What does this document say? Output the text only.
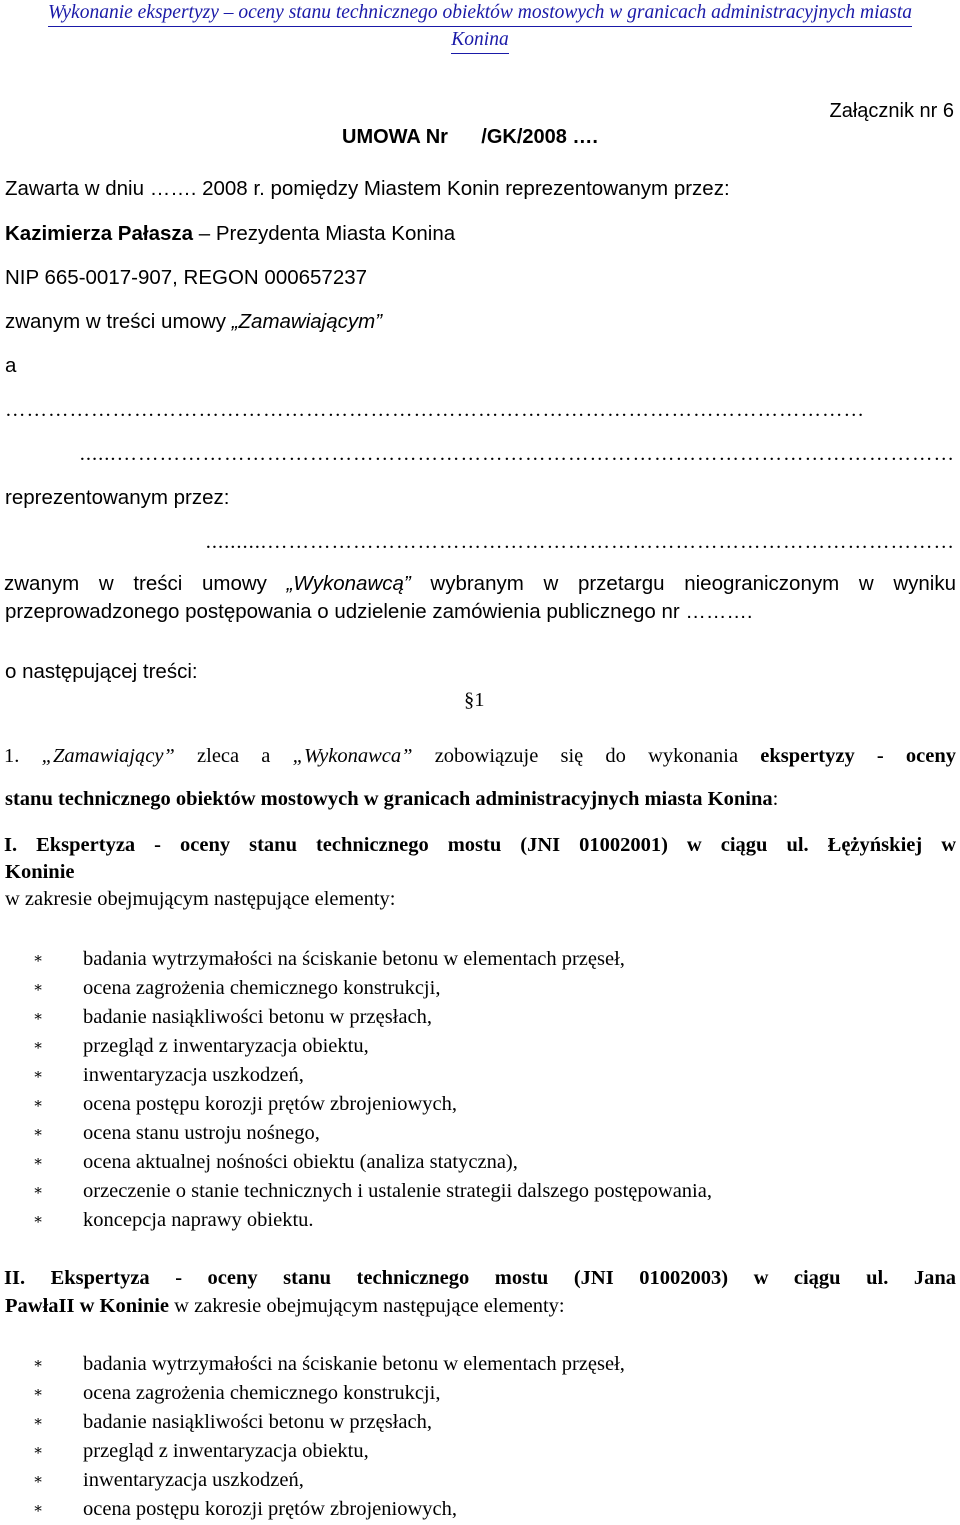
Wykonanie ekspertyzy – oceny stanu technicznego obiektów mostowych w granicach administracyjnych miasta
Konina
Załącznik nr 6
UMOWA Nr      /GK/2008 ….
Zawarta w dniu ……. 2008 r. pomiędzy Miastem Konin reprezentowanym przez:
Kazimierza Pałasza – Prezydenta Miasta Konina
NIP 665-0017-907, REGON 000657237
zwanym w treści umowy „Zamawiającym”
a
…………………………………………………………………………………………………………
………………………………………………………………………………………………………......
reprezentowanym przez:
……………………………………………………………………………………..........
zwanym w treści umowy „Wykonawcą” wybranym w przetargu nieograniczonym w wyniku
przeprowadzonego postępowania o udzielenie zamówienia publicznego nr ……….
o następującej treści:
§1
1. „Zamawiający” zleca a „Wykonawca” zobowiązuje się do wykonania ekspertyzy - oceny
stanu technicznego obiektów mostowych w granicach administracyjnych miasta Konina:
I. Ekspertyza - oceny stanu technicznego mostu (JNI 01002001) w ciągu ul. Łężyńskiej w
Koninie
w zakresie obejmującym następujące elementy:
∗ badania wytrzymałości na ściskanie betonu w elementach przęseł,
∗ ocena zagrożenia chemicznego konstrukcji,
∗ badanie nasiąkliwości betonu w przęsłach,
∗ przegląd z inwentaryzacja obiektu,
∗ inwentaryzacja uszkodzeń,
∗ ocena postępu korozji prętów zbrojeniowych,
∗ ocena stanu ustroju nośnego,
∗ ocena aktualnej nośności obiektu (analiza statyczna),
∗ orzeczenie o stanie technicznych i ustalenie strategii dalszego postępowania,
∗ koncepcja naprawy obiektu.
II. Ekspertyza - oceny stanu technicznego mostu (JNI 01002003) w ciągu ul. Jana
PawłaII w Koninie w zakresie obejmującym następujące elementy:
∗ badania wytrzymałości na ściskanie betonu w elementach przęseł,
∗ ocena zagrożenia chemicznego konstrukcji,
∗ badanie nasiąkliwości betonu w przęsłach,
∗ przegląd z inwentaryzacja obiektu,
∗ inwentaryzacja uszkodzeń,
∗ ocena postępu korozji prętów zbrojeniowych,
